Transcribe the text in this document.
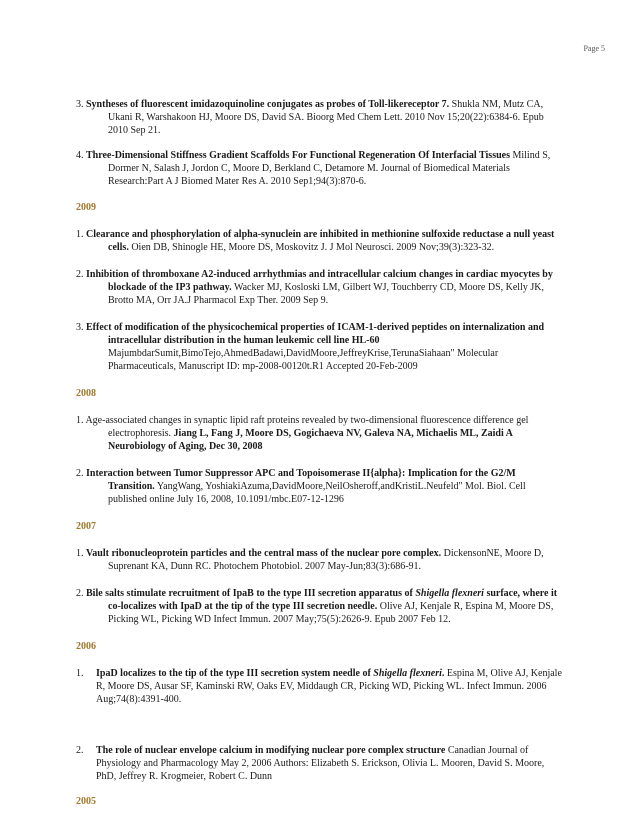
Page 5

3. Syntheses of fluorescent imidazoquinoline conjugates as probes of Toll-likereceptor 7. Shukla NM, Mutz CA, Ukani R, Warshakoon HJ, Moore DS, David SA. Bioorg Med Chem Lett. 2010 Nov 15;20(22):6384-6. Epub 2010 Sep 21.

4. Three-Dimensional Stiffness Gradient Scaffolds For Functional Regeneration Of Interfacial Tissues Milind S, Dormer N, Salash J, Jordon C, Moore D, Berkland C, Detamore M. Journal of Biomedical Materials Research:Part A J Biomed Mater Res A. 2010 Sep1;94(3):870-6.

2009

1. Clearance and phosphorylation of alpha-synuclein are inhibited in methionine sulfoxide reductase a null yeast cells. Oien DB, Shinogle HE, Moore DS, Moskovitz J. J Mol Neurosci. 2009 Nov;39(3):323-32.

2. Inhibition of thromboxane A2-induced arrhythmias and intracellular calcium changes in cardiac myocytes by blockade of the IP3 pathway. Wacker MJ, Kosloski LM, Gilbert WJ, Touchberry CD, Moore DS, Kelly JK, Brotto MA, Orr JA.J Pharmacol Exp Ther. 2009 Sep 9.

3. Effect of modification of the physicochemical properties of ICAM-1-derived peptides on internalization and intracellular distribution in the human leukemic cell line HL-60 MajumbdarSumit,BimoTejo,AhmedBadawi,DavidMoore,JeffreyKrise,TerunaSiahaan" Molecular Pharmaceuticals, Manuscript ID: mp-2008-00120t.R1 Accepted 20-Feb-2009

2008

1. Age-associated changes in synaptic lipid raft proteins revealed by two-dimensional fluorescence difference gel electrophoresis. Jiang L, Fang J, Moore DS, Gogichaeva NV, Galeva NA, Michaelis ML, Zaidi A Neurobiology of Aging, Dec 30, 2008

2. Interaction between Tumor Suppressor APC and Topoisomerase II{alpha}: Implication for the G2/M Transition. YangWang, YoshiakiAzuma,DavidMoore,NeilOsheroff,andKristiL.Neufeld" Mol. Biol. Cell published online July 16, 2008, 10.1091/mbc.E07-12-1296

2007

1. Vault ribonucleoprotein particles and the central mass of the nuclear pore complex. DickensonNE, Moore D, Suprenant KA, Dunn RC. Photochem Photobiol. 2007 May-Jun;83(3):686-91.

2. Bile salts stimulate recruitment of IpaB to the type III secretion apparatus of Shigella flexneri surface, where it co-localizes with IpaD at the tip of the type III secretion needle. Olive AJ, Kenjale R, Espina M, Moore DS, Picking WL, Picking WD Infect Immun. 2007 May;75(5):2626-9. Epub 2007 Feb 12.

2006

1. IpaD localizes to the tip of the type III secretion system needle of Shigella flexneri. Espina M, Olive AJ, Kenjale R, Moore DS, Ausar SF, Kaminski RW, Oaks EV, Middaugh CR, Picking WD, Picking WL. Infect Immun. 2006 Aug;74(8):4391-400.

2. The role of nuclear envelope calcium in modifying nuclear pore complex structure Canadian Journal of Physiology and Pharmacology May 2, 2006 Authors: Elizabeth S. Erickson, Olivia L. Mooren, David S. Moore, PhD, Jeffrey R. Krogmeier, Robert C. Dunn

2005
